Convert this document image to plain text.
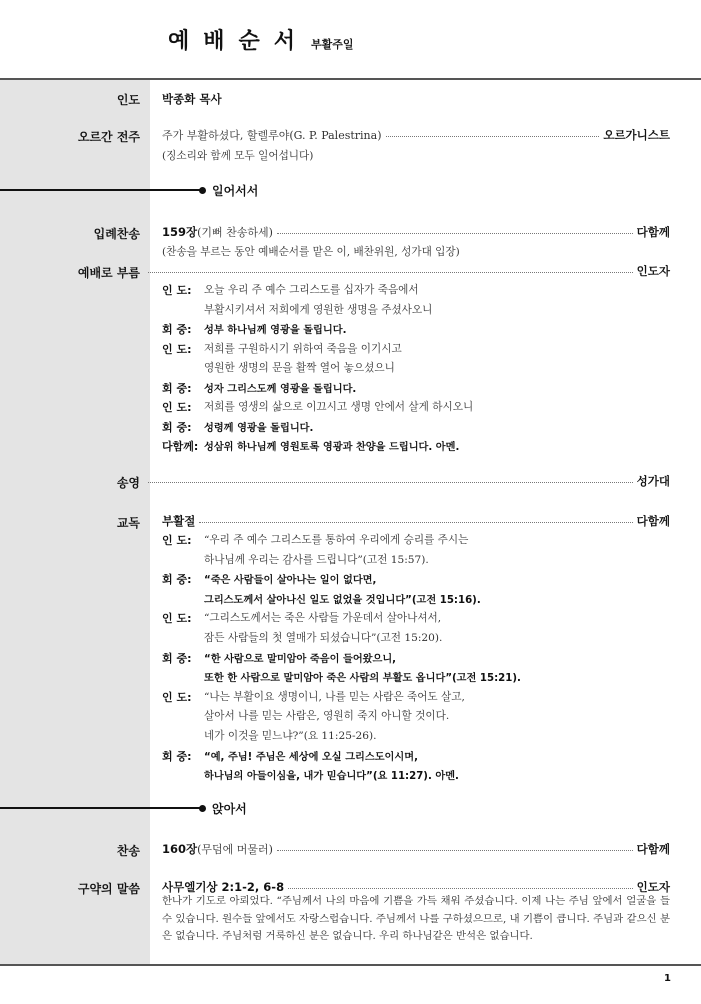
예배순서 부활주일
인도 박종화 목사
오르간 전주 주가 부활하셨다, 할렐루야(G. P. Palestrina)	오르가니스트
(징소리와 함께 모두 일어섭니다)
일어서서
입례찬송 159장(기뻐 찬송하세)	다함께
(찬송을 부르는 동안 예배순서를 맡은 이, 배찬위원, 성가대 입장)
예배로 부름	인도자
인 도:	오늘 우리 주 예수 그리스도를 십자가 죽음에서
부활시키셔서 저희에게 영원한 생명을 주셨사오니
회 중:	성부 하나님께 영광을 돌립니다.
인 도:	저희를 구원하시기 위하여 죽음을 이기시고
영원한 생명의 문을 활짝 열어 놓으셨으니
회 중:	성자 그리스도께 영광을 돌립니다.
인 도:	저희를 영생의 삶으로 이끄시고 생명 안에서 살게 하시오니
회 중:	성령께 영광을 돌립니다.
다함께: 성삼위 하나님께 영원토록 영광과 찬양을 드립니다. 아멘.
송영	성가대
교독 부활절	다함께
인 도:	“우리 주 예수 그리스도를 통하여 우리에게 승리를 주시는
하나님께 우리는 감사를 드립니다”(고전 15:57).
회 중:	“죽은 사람들이 살아나는 일이 없다면,
그리스도께서 살아나신 일도 없었을 것입니다”(고전 15:16).
인 도:	“그리스도께서는 죽은 사람들 가운데서 살아나셔서,
잠든 사람들의 첫 열매가 되셨습니다”(고전 15:20).
회 중:	“한 사람으로 말미암아 죽음이 들어왔으니,
또한 한 사람으로 말미암아 죽은 사람의 부활도 옵니다”(고전 15:21).
인 도:	“나는 부활이요 생명이니, 나를 믿는 사람은 죽어도 살고,
살아서 나를 믿는 사람은, 영원히 죽지 아니할 것이다.
네가 이것을 믿느냐?”(요 11:25-26).
회 중:	“예, 주님! 주님은 세상에 오실 그리스도이시며,
하나님의 아들이심을, 내가 믿습니다”(요 11:27). 아멘.
앉아서
찬송 160장(무덤에 머물러)	다함께
구약의 말씀 사무엘기상 2:1-2, 6-8	인도자
한나가 기도로 아뢰었다. “주님께서 나의 마음에 기쁨을 가득 채워 주셨습니다. 이제 나는 주님 앞에서 얼굴을 들 수 있습니다. 원수들 앞에서도 자랑스럽습니다. 주님께서 나를 구하셨으므로, 내 기쁨이 큽니다. 주님과 같으신 분은 없습니다. 주님처럼 거룩하신 분은 없습니다. 우리 하나님같은 반석은 없습니다.
1
